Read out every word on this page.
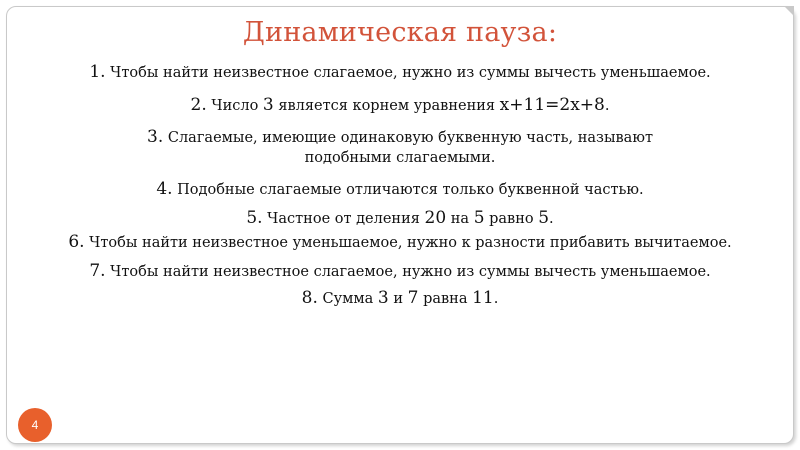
Динамическая пауза:
1. Чтобы найти неизвестное слагаемое, нужно из суммы вычесть уменьшаемое.
2. Число 3 является корнем уравнения х+11=2х+8.
3. Слагаемые, имеющие одинаковую буквенную часть, называют
подобными слагаемыми.
4. Подобные слагаемые отличаются только буквенной частью.
5. Частное от деления 20 на 5 равно 5.
6. Чтобы найти неизвестное уменьшаемое, нужно к разности прибавить вычитаемое.
7. Чтобы найти неизвестное слагаемое, нужно из суммы вычесть уменьшаемое.
8. Сумма 3 и 7 равна 11.
4
